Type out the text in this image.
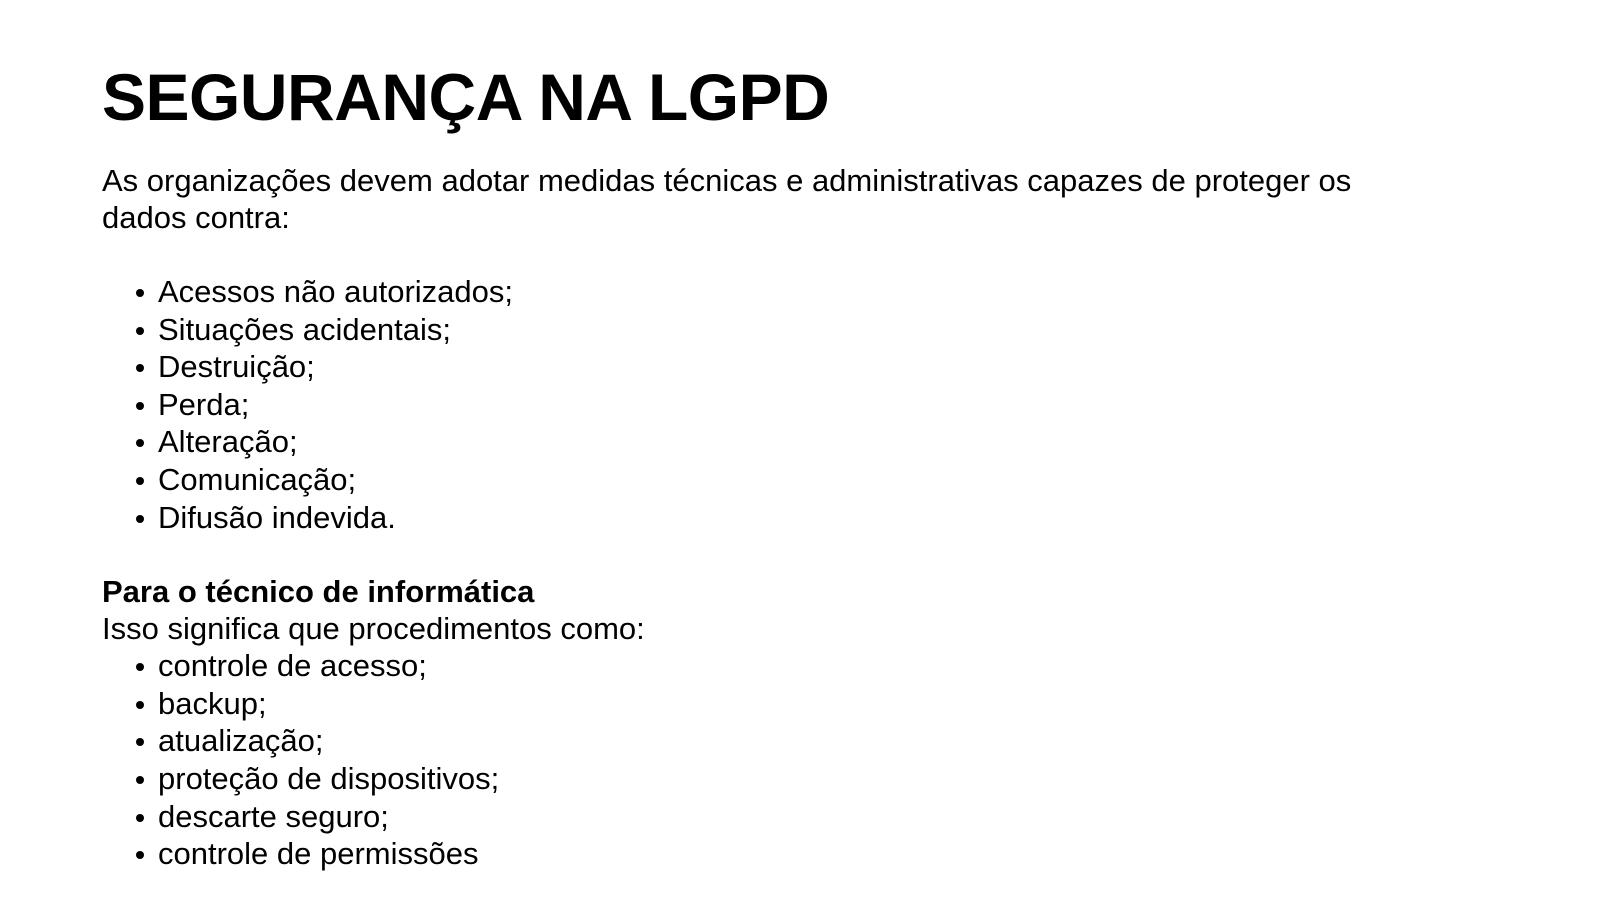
SEGURANÇA NA LGPD

As organizações devem adotar medidas técnicas e administrativas capazes de proteger os dados contra:

Acessos não autorizados;
Situações acidentais;
Destruição;
Perda;
Alteração;
Comunicação;
Difusão indevida.

Para o técnico de informática

Isso significa que procedimentos como:

controle de acesso;
backup;
atualização;
proteção de dispositivos;
descarte seguro;
controle de permissões
